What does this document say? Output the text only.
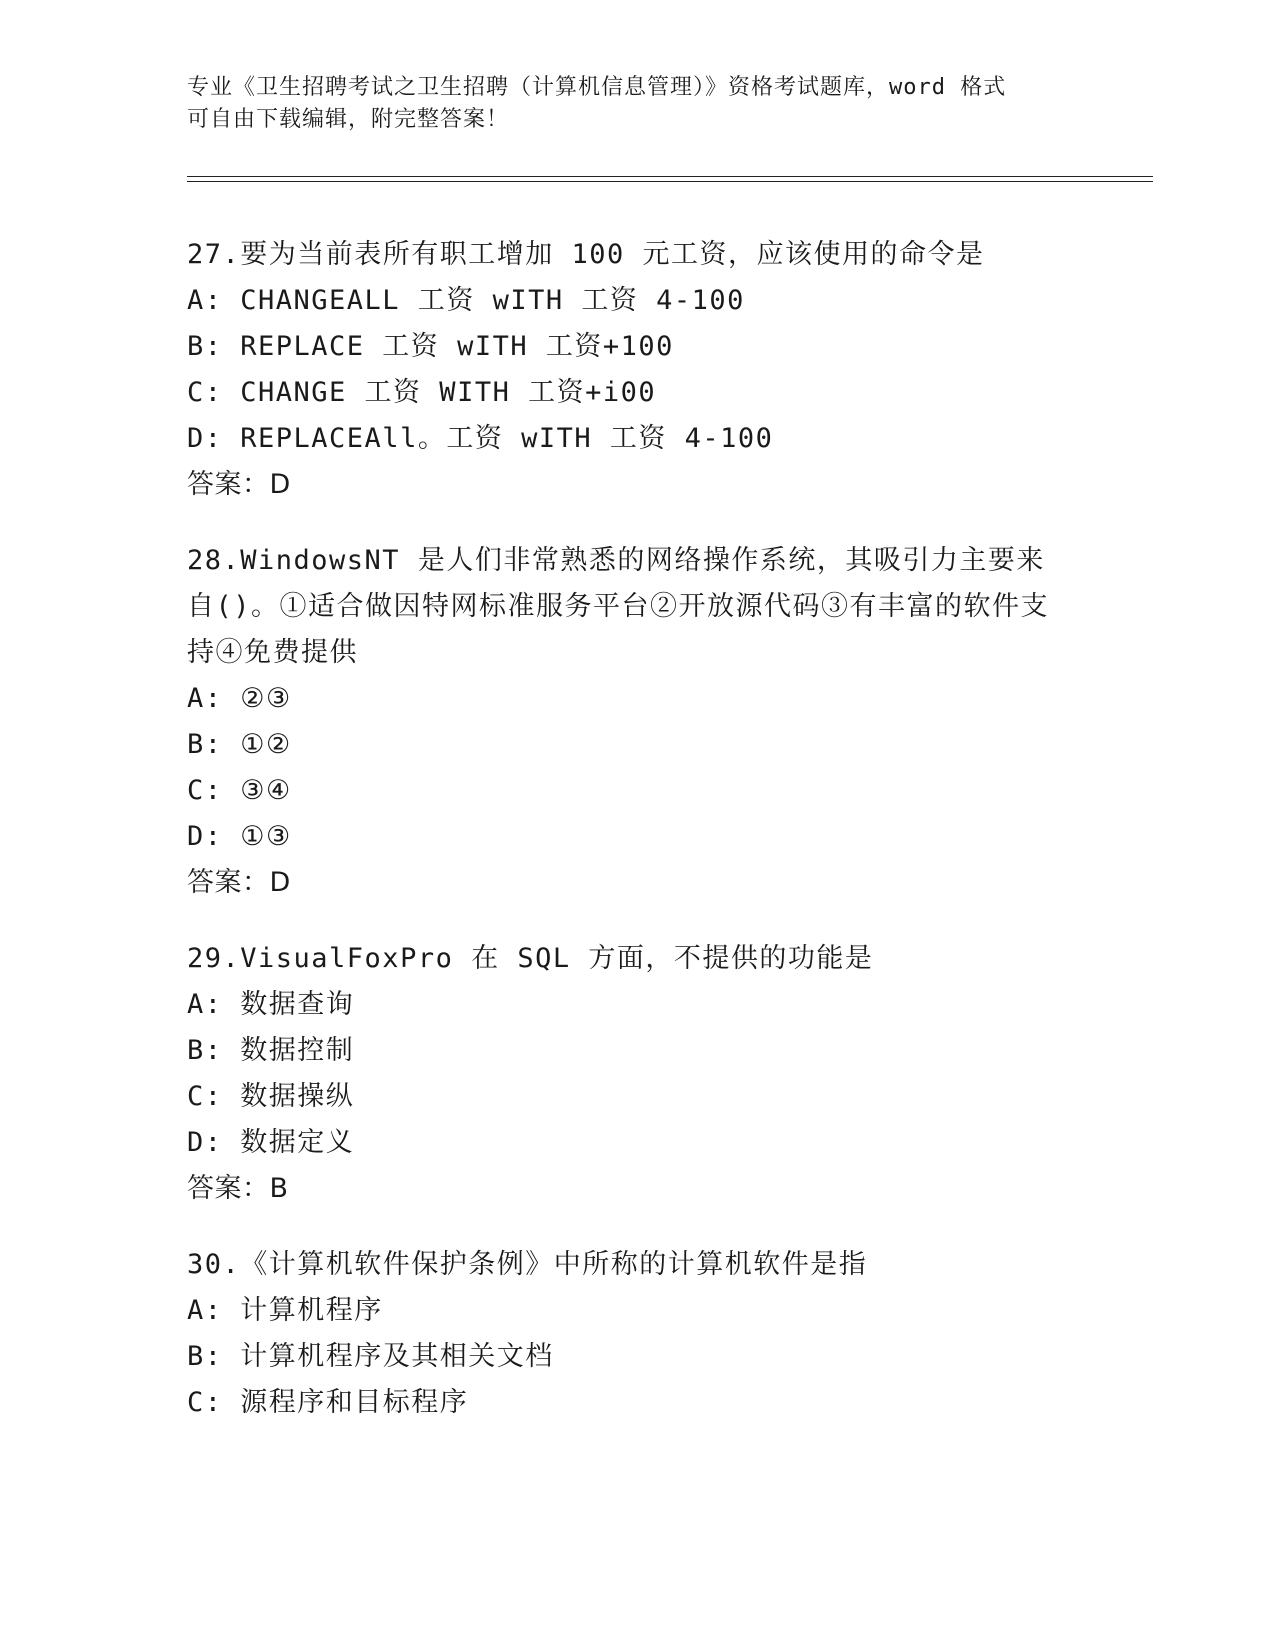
专业《卫生招聘考试之卫生招聘（计算机信息管理）》资格考试题库，word 格式
可自由下载编辑，附完整答案！
27.要为当前表所有职工增加 100 元工资，应该使用的命令是
A: CHANGEALL 工资 wITH 工资 4-100
B: REPLACE 工资 wITH 工资+100
C: CHANGE 工资 WITH 工资+i00
D: REPLACEAll。工资 wITH 工资 4-100
答案：D
28.WindowsNT 是人们非常熟悉的网络操作系统，其吸引力主要来自()。①适合做因特网标准服务平台②开放源代码③有丰富的软件支持④免费提供
A: ②③
B: ①②
C: ③④
D: ①③
答案：D
29.VisualFoxPro 在 SQL 方面，不提供的功能是
A: 数据查询
B: 数据控制
C: 数据操纵
D: 数据定义
答案：B
30.《计算机软件保护条例》中所称的计算机软件是指
A: 计算机程序
B: 计算机程序及其相关文档
C: 源程序和目标程序
